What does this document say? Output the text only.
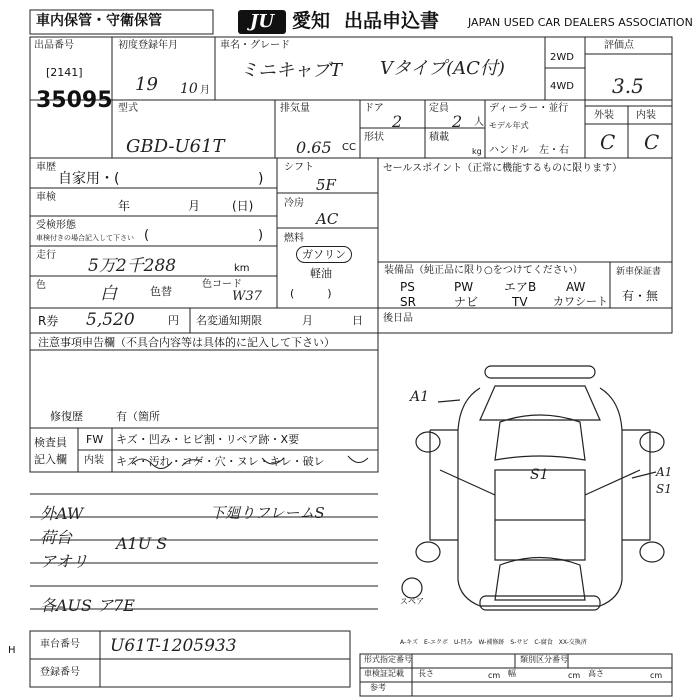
車内保管・守衛保管	JU 愛知 出品申込書	JAPAN USED CAR DEALERS ASSOCIATION
出品番号
[2141]
35095
初度登録年月
19 10 月
車名・グレード
ミニキャブT Vタイプ(AC付)
2WD
4WD
評価点
3.5
外装 内装
C C
型式
GBD-U61T
排気量
0.65 CC
ドア
2
形状
定員
2 人
積載
kg
ディーラー・並行
モデル年式
ハンドル　左・右
車歴
自家用・(	)
車検
年	月	(日)
受検形態
車検付きの場合記入して下さい (	)
走行
5万2千288	km
色	白	色替
色コード
W37
シフト
5F
冷房
AC
燃料
ガソリン
軽油
(　　　)
セールスポイント（正常に機能するものに限ります）
装備品（純正品に限り○をつけてください）
PS	PW	エアB AW
SR	ナビ	TV カワシート
新車保証書
有・無
R券 5,520	円 名変通知期限	月	日 後日品
注意事項申告欄（不具合内容等は具体的に記入して下さい）
修復歴	有（箇所
検査員記入欄
FW キズ・凹み・ヒビ割・リペア跡・X要
内装 キズ・汚れ・コゲ・穴・ヌレ・キレ・破レ
外AW	下廻りフレームS
荷台	A1U S
アオリ
各AUS ア7E
A1
S1	A1 S1
スペア
A-キズ　E-エクボ　U-凹み　W-補修跡　S-サビ　C-腐食　XX-交換済
車台番号 U61T-1205933
登録番号
H
形式指定番号	類別区分番号
車検証記載 長さ	cm 幅	cm 高さ	cm
参考
